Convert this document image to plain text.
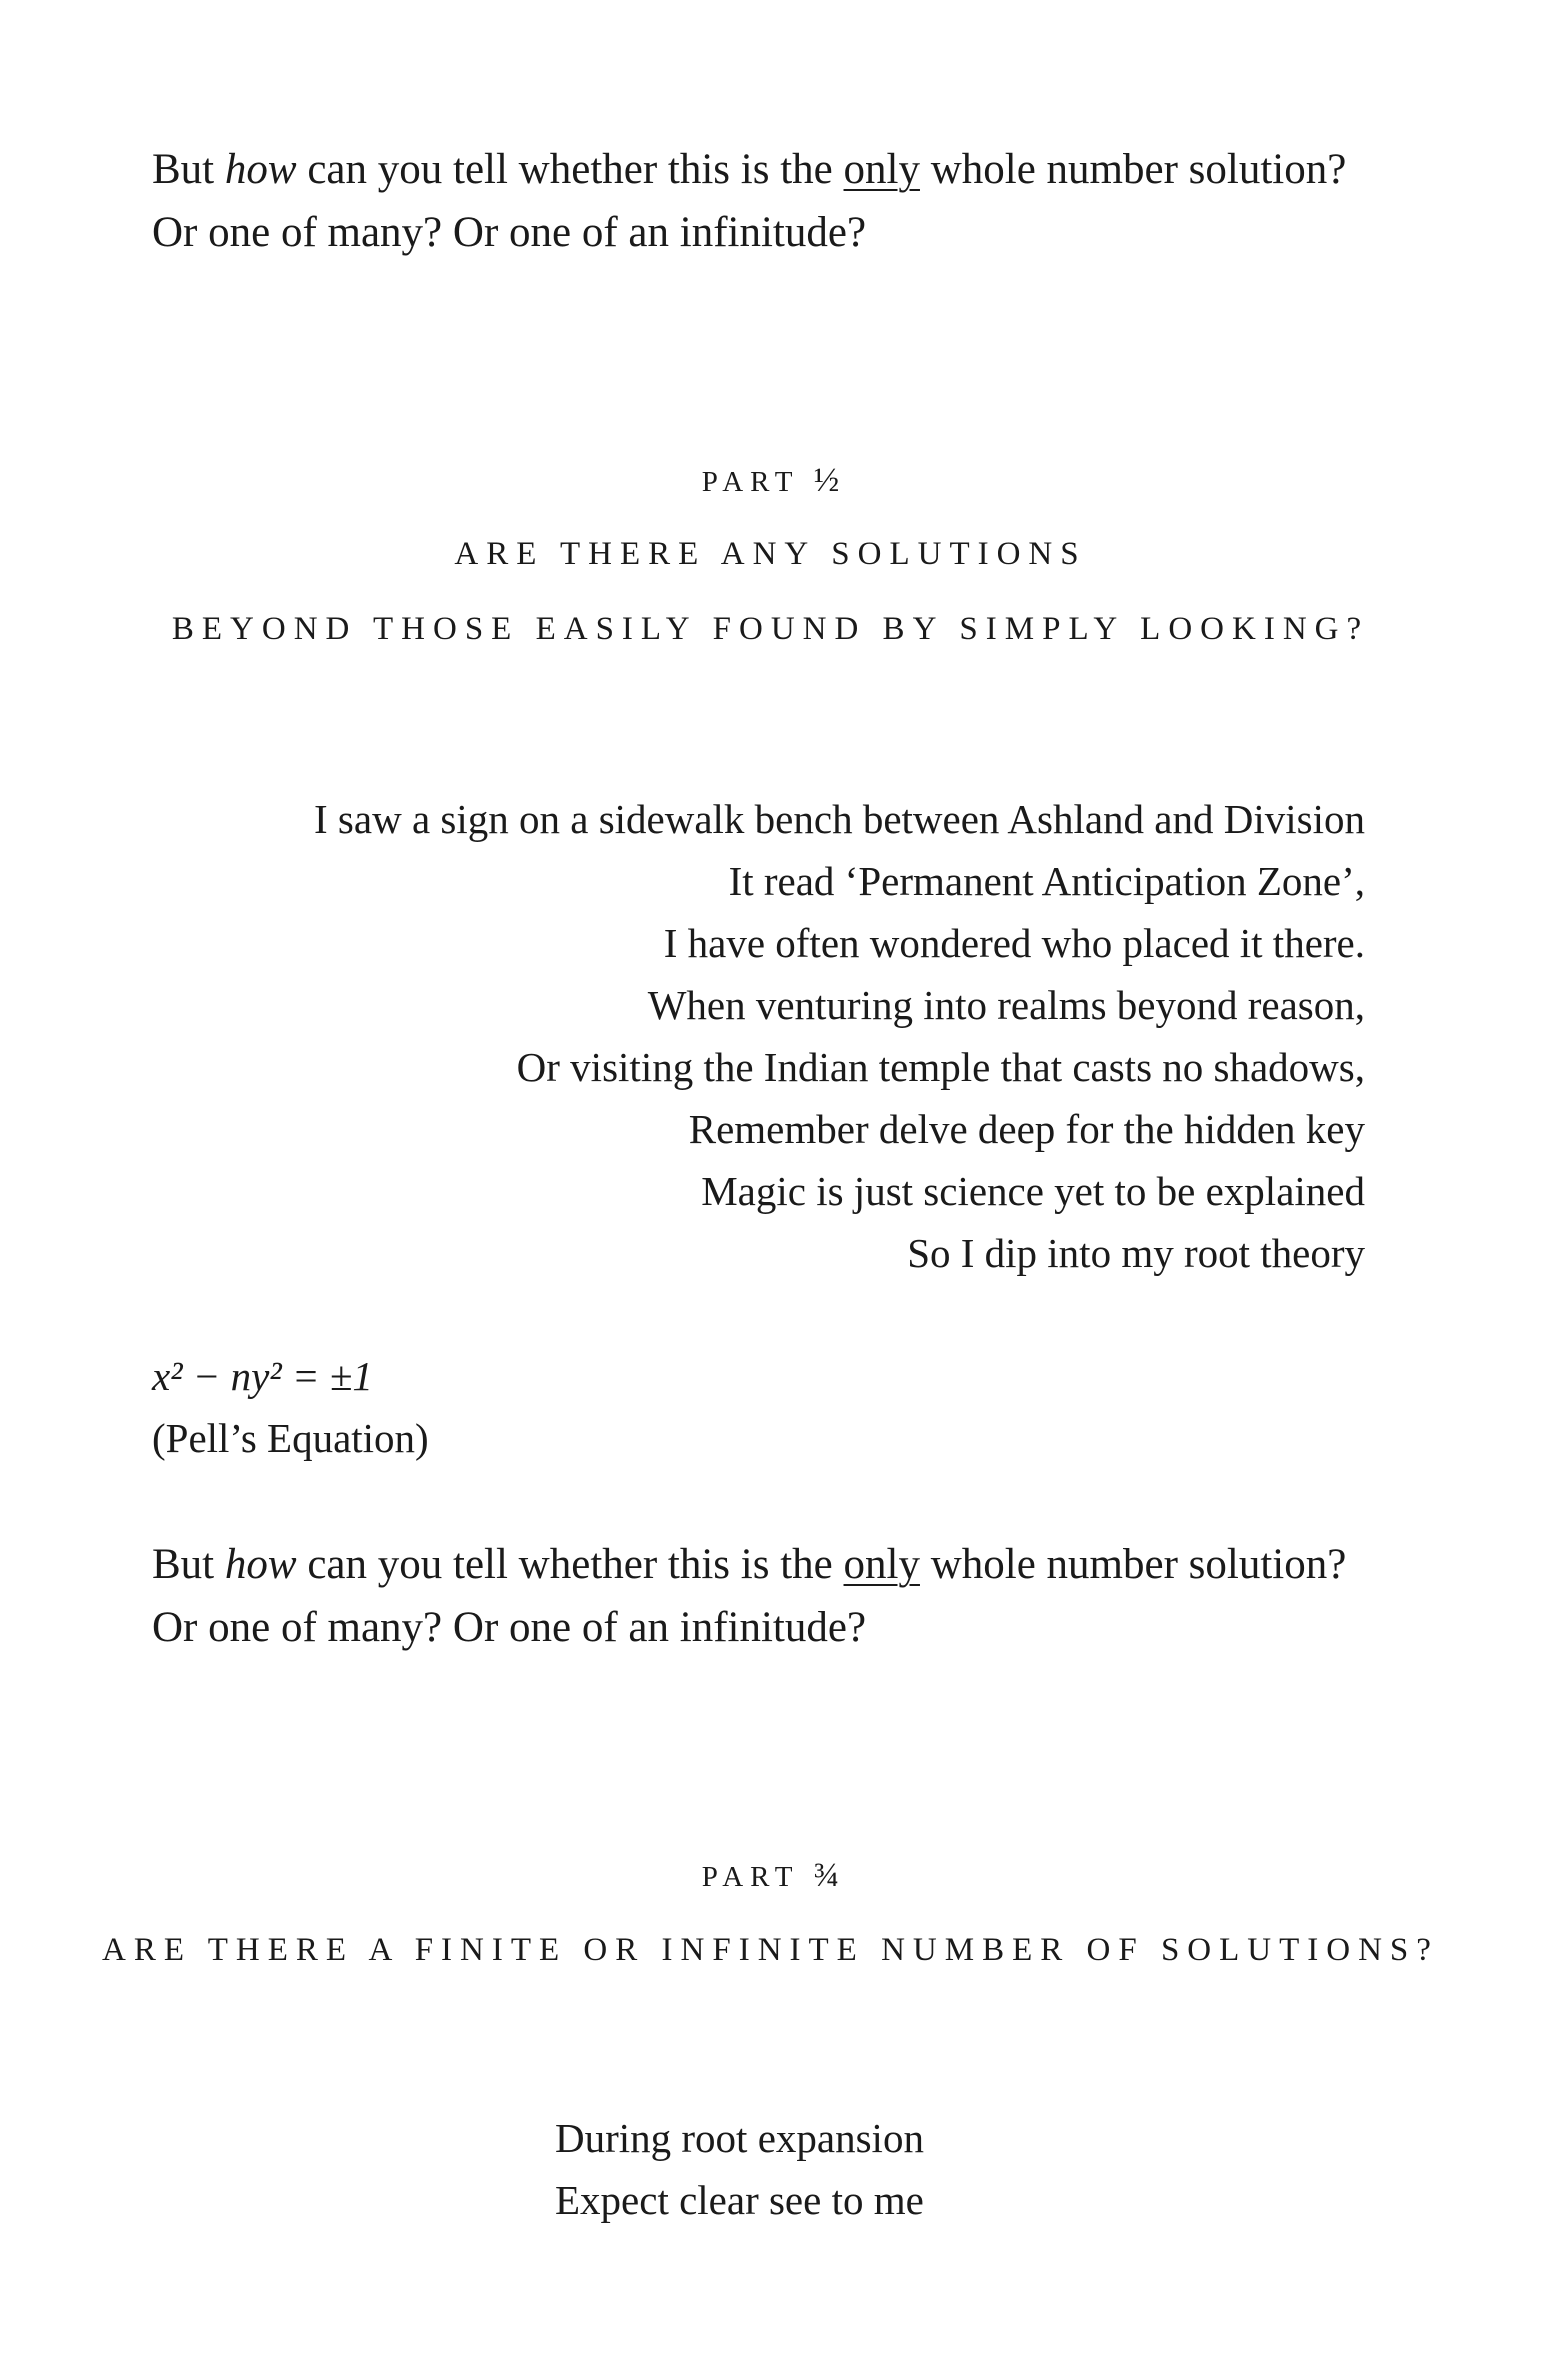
But how can you tell whether this is the only whole number solution?

Or one of many? Or one of an infinitude?

PART ½

ARE THERE ANY SOLUTIONS

BEYOND THOSE EASILY FOUND BY SIMPLY LOOKING?

I saw a sign on a sidewalk bench between Ashland and Division

It read ‘Permanent Anticipation Zone’,

I have often wondered who placed it there.

When venturing into realms beyond reason,

Or visiting the Indian temple that casts no shadows,

Remember delve deep for the hidden key

Magic is just science yet to be explained

So I dip into my root theory

x² − ny² = ±1

(Pell’s Equation)

But how can you tell whether this is the only whole number solution?

Or one of many? Or one of an infinitude?

PART ¾

ARE THERE A FINITE OR INFINITE NUMBER OF SOLUTIONS?

During root expansion

Expect clear see to me
